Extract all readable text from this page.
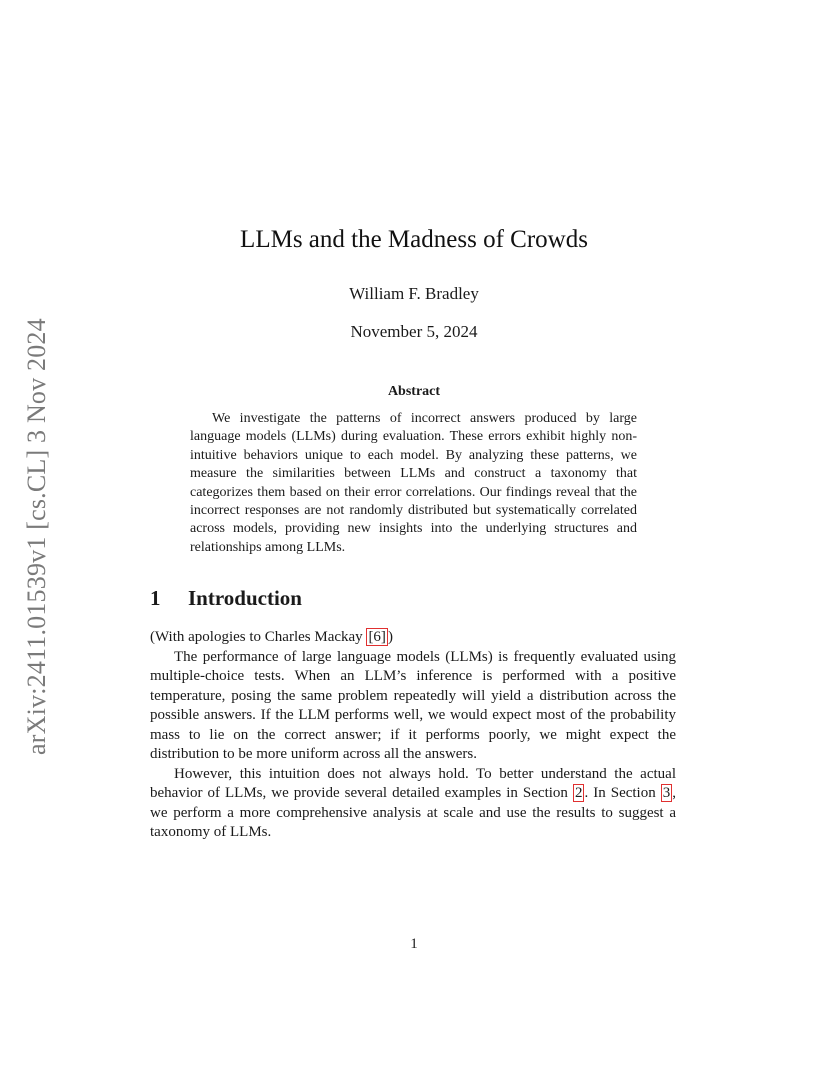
arXiv:2411.01539v1 [cs.CL] 3 Nov 2024
LLMs and the Madness of Crowds
William F. Bradley
November 5, 2024
Abstract

We investigate the patterns of incorrect answers produced by large language models (LLMs) during evaluation. These errors exhibit highly non-intuitive behaviors unique to each model. By analyzing these patterns, we measure the similarities between LLMs and construct a taxonomy that categorizes them based on their error correlations. Our findings reveal that the incorrect responses are not randomly distributed but systematically correlated across models, providing new insights into the underlying structures and relationships among LLMs.

1 Introduction

(With apologies to Charles Mackay [6] )

The performance of large language models (LLMs) is frequently evaluated using multiple-choice tests. When an LLM’s inference is performed with a positive temperature, posing the same problem repeatedly will yield a distribution across the possible answers. If the LLM performs well, we would expect most of the probability mass to lie on the correct answer; if it performs poorly, we might expect the distribution to be more uniform across all the answers.

However, this intuition does not always hold. To better understand the actual behavior of LLMs, we provide several detailed examples in Section 2 . In Section 3 , we perform a more comprehensive analysis at scale and use the results to suggest a taxonomy of LLMs.

1
